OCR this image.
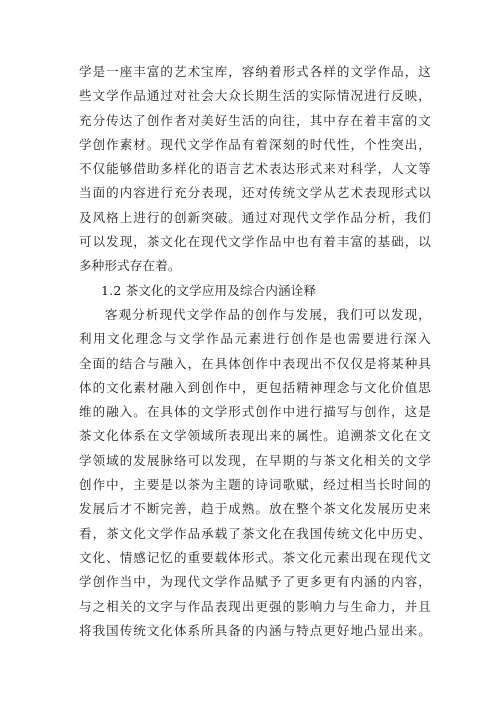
学是一座丰富的艺术宝库，容纳着形式各样的文学作品，这
些文学作品通过对社会大众长期生活的实际情况进行反映，
充分传达了创作者对美好生活的向往，其中存在着丰富的文
学创作素材。现代文学作品有着深刻的时代性，个性突出，
不仅能够借助多样化的语言艺术表达形式来对科学，人文等
当面的内容进行充分表现，还对传统文学从艺术表现形式以
及风格上进行的创新突破。通过对现代文学作品分析，我们
可以发现，茶文化在现代文学作品中也有着丰富的基础，以
多种形式存在着。
1.2 茶文化的文学应用及综合内涵诠释
客观分析现代文学作品的创作与发展，我们可以发现，
利用文化理念与文学作品元素进行创作是也需要进行深入
全面的结合与融入，在具体创作中表现出不仅仅是将某种具
体的文化素材融入到创作中，更包括精神理念与文化价值思
维的融入。在具体的文学形式创作中进行描写与创作，这是
茶文化体系在文学领域所表现出来的属性。追溯茶文化在文
学领域的发展脉络可以发现，在早期的与茶文化相关的文学
创作中，主要是以茶为主题的诗词歌赋，经过相当长时间的
发展后才不断完善，趋于成熟。放在整个茶文化发展历史来
看，茶文化文学作品承载了茶文化在我国传统文化中历史、
文化、情感记忆的重要载体形式。茶文化元素出现在现代文
学创作当中，为现代文学作品赋予了更多更有内涵的内容，
与之相关的文字与作品表现出更强的影响力与生命力，并且
将我国传统文化体系所具备的内涵与特点更好地凸显出来。
